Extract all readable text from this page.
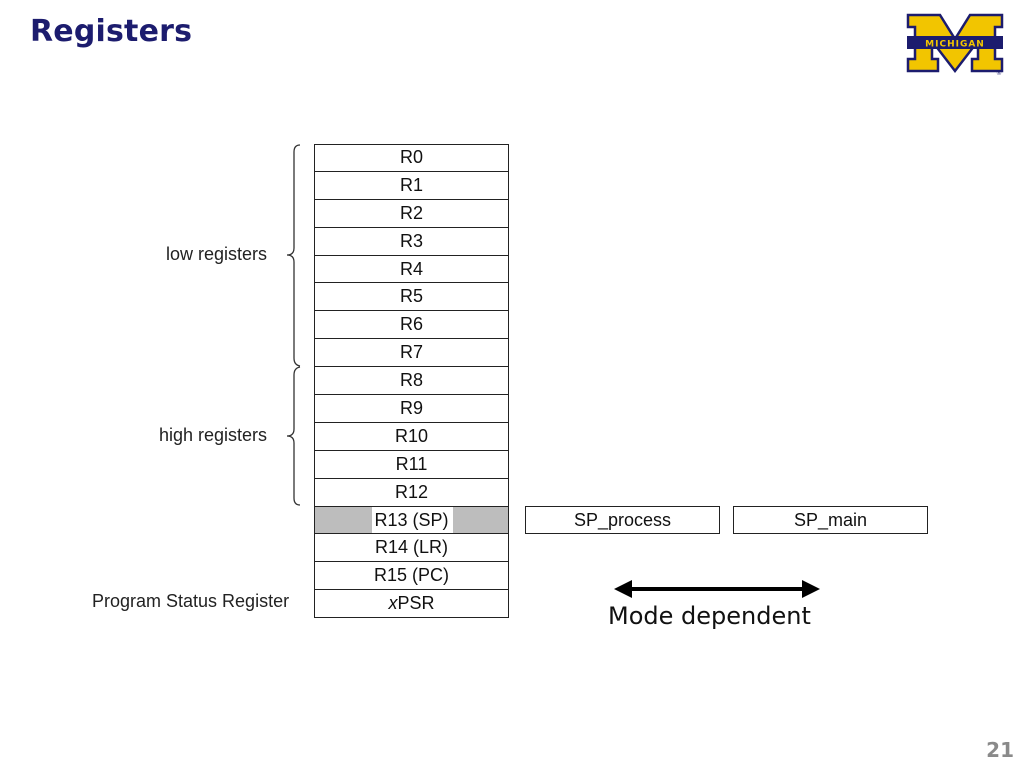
Registers	MICHIGAN
®
R0
R1
R2
R3
R4
R5
R6
R7
R8
R9
R10
R11
R12
R13 (SP)
R14 (LR)
R15 (PC)
x PSR
SP_process	SP_main
low registers
high registers
Program Status Register
Mode dependent
21
